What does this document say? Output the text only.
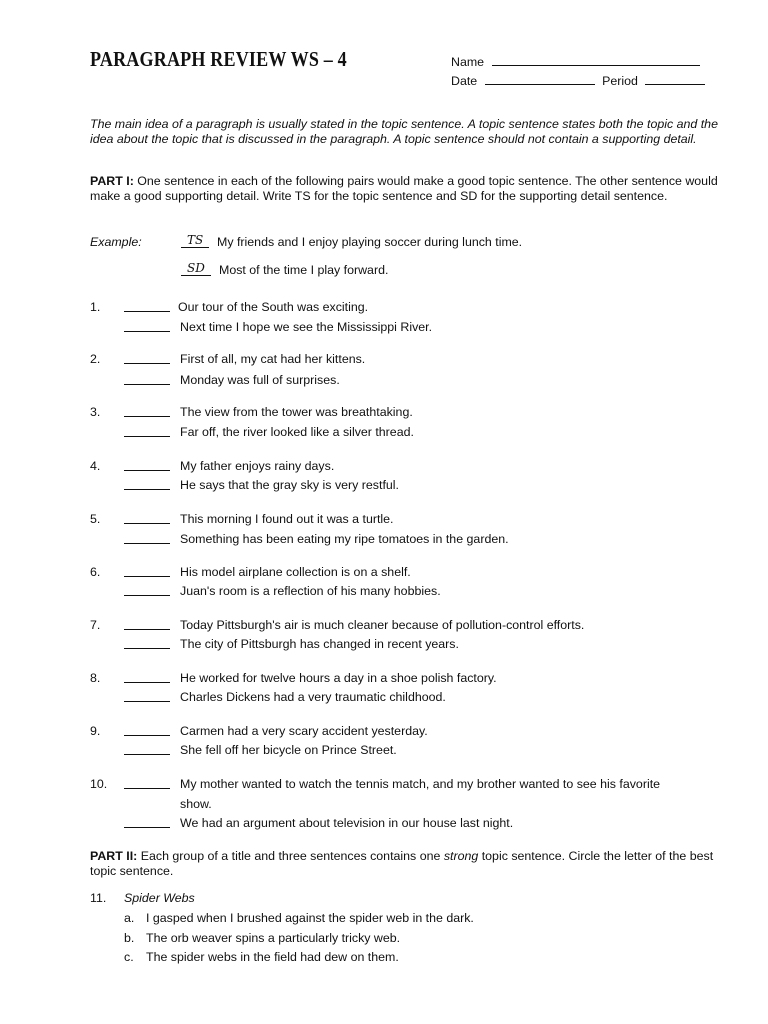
PARAGRAPH REVIEW WS – 4	Name
Date	Period
The main idea of a paragraph is usually stated in the topic sentence. A topic sentence states both the topic and the idea about the topic that is discussed in the paragraph. A topic sentence should not contain a supporting detail.
PART I: One sentence in each of the following pairs would make a good topic sentence. The other sentence would make a good supporting detail. Write TS for the topic sentence and SD for the supporting detail sentence.
Example:	TS	My friends and I enjoy playing soccer during lunch time.
SD	Most of the time I play forward.
1.	Our tour of the South was exciting.
Next time I hope we see the Mississippi River.
2.	First of all, my cat had her kittens.
Monday was full of surprises.
3.	The view from the tower was breathtaking.
Far off, the river looked like a silver thread.
4.	My father enjoys rainy days.
He says that the gray sky is very restful.
5.	This morning I found out it was a turtle.
Something has been eating my ripe tomatoes in the garden.
6.	His model airplane collection is on a shelf.
Juan's room is a reflection of his many hobbies.
7.	Today Pittsburgh's air is much cleaner because of pollution-control efforts.
The city of Pittsburgh has changed in recent years.
8.	He worked for twelve hours a day in a shoe polish factory.
Charles Dickens had a very traumatic childhood.
9.	Carmen had a very scary accident yesterday.
She fell off her bicycle on Prince Street.
10.	My mother wanted to watch the tennis match, and my brother wanted to see his favorite
show.
We had an argument about television in our house last night.
PART II: Each group of a title and three sentences contains one strong topic sentence. Circle the letter of the best topic sentence.
11. Spider Webs
a. I gasped when I brushed against the spider web in the dark.
b. The orb weaver spins a particularly tricky web.
c. The spider webs in the field had dew on them.
